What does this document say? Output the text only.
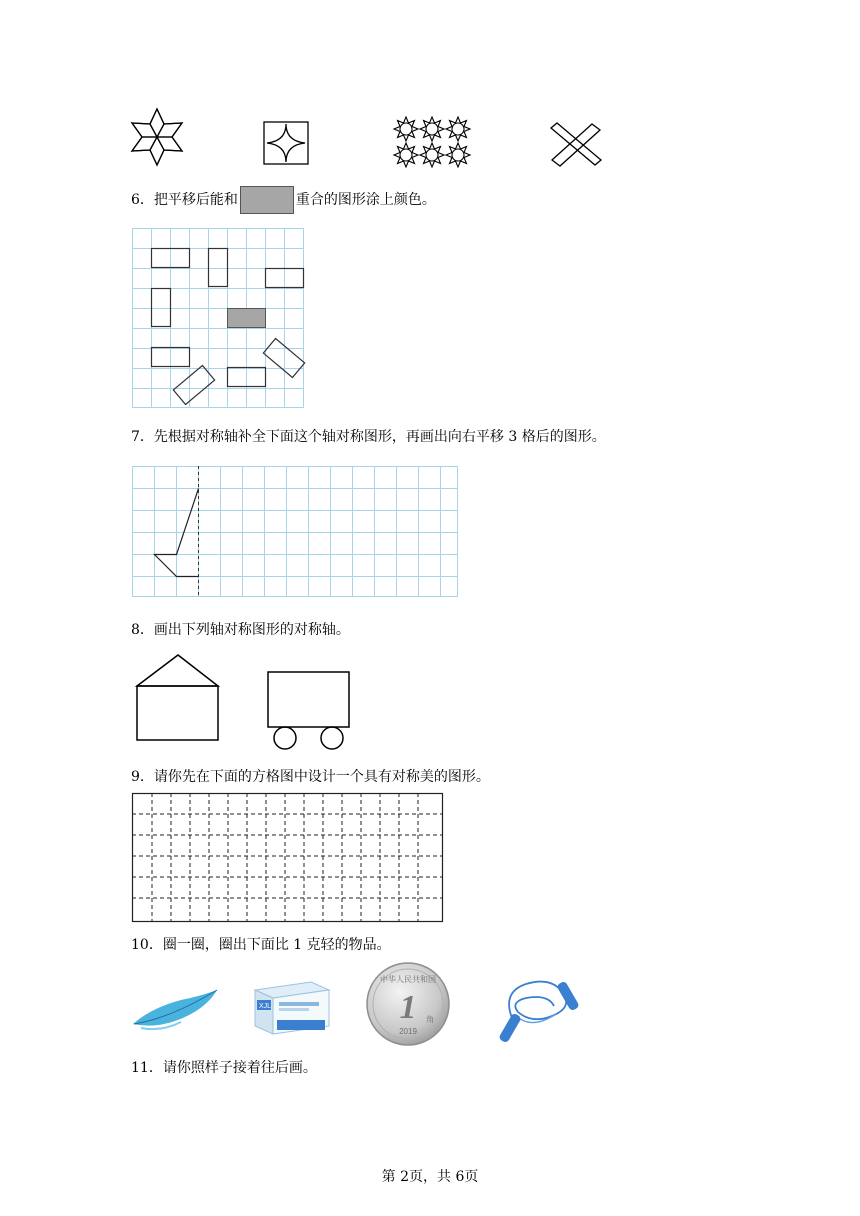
6．把平移后能和	重合的图形涂上颜色。
7．先根据对称轴补全下面这个轴对称图形，再画出向右平移 3 格后的图形。
8．画出下列轴对称图形的对称轴。
9．请你先在下面的方格图中设计一个具有对称美的图形。
10．圈一圈，圈出下面比 1 克轻的物品。
XJL
中华人民共和国
1 角
2019
11．请你照样子接着往后画。
第 2页，共 6页
